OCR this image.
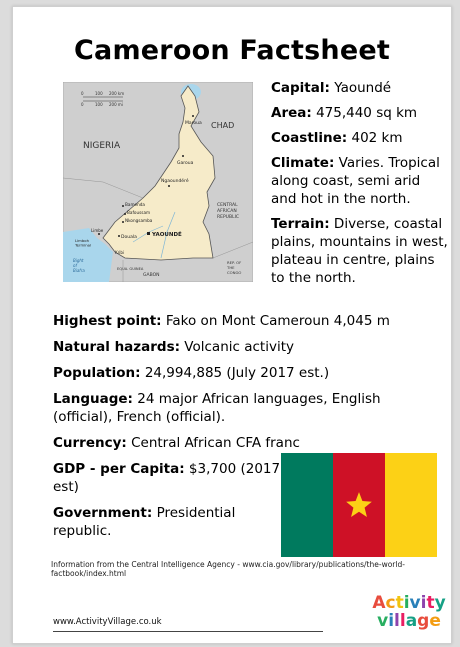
Cameroon Factsheet
0	100 200 km
0	100 200 mi
NIGERIA
CHAD
CENTRAL AFRICAN REPUBLIC
REP. OF THE CONGO
GABON
EQUA. GUINEA
Maroua
Garoua
Ngaoundéré
Bamenda
Bafoussam
Nkongsamba
Douala	YAOUNDÉ
Limbe
Limboh Terminal
Kribi
Bight of Biafra
Capital: Yaoundé
Area: 475,440 sq km
Coastline: 402 km
Climate: Varies. Tropical along coast, semi arid and hot in the north.
Terrain: Diverse, coastal plains, mountains in west, plateau in centre, plains to the north.
Highest point: Fako on Mont Cameroun 4,045 m
Natural hazards: Volcanic activity
Population: 24,994,885 (July 2017 est.)
Language: 24 major African languages, English (official), French (official).
Currency: Central African CFA franc
GDP - per Capita: $3,700 (2017 est)
Government: Presidential republic.
Information from the Central Intelligence Agency - www.cia.gov/library/publications/the-world-factbook/index.html
www.ActivityVillage.co.uk
Activity
village
